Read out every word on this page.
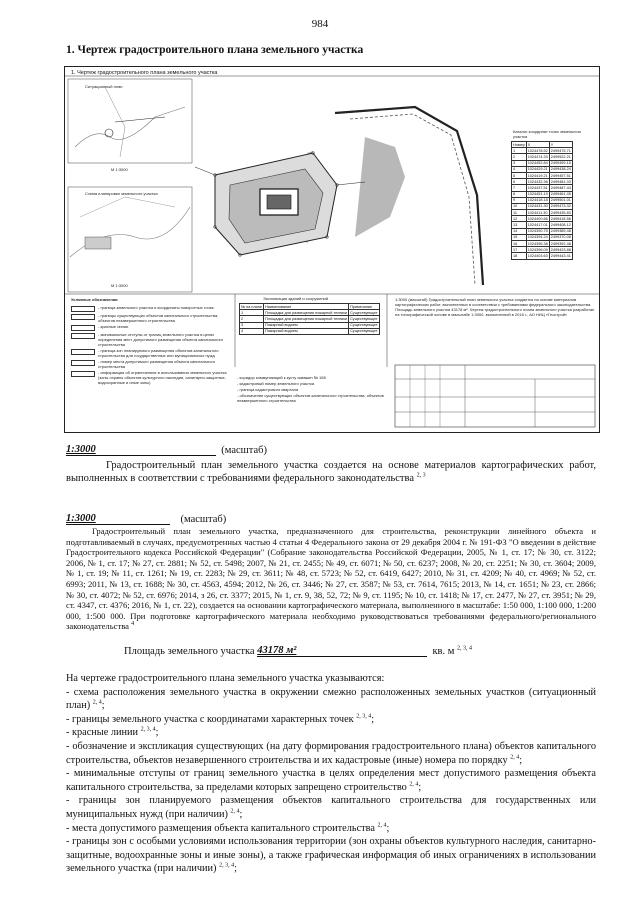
984
1. Чертеж градостроительного плана земельного участка
1. Чертеж градостроительного плана земельного участка
Ситуационный план
Схема планировки земельного участка
М 1:3000
М 1:3000
Каталог координат точек земельного участка
Номер	X	Y
1	1024478.52	2499475.71
2	1024474.33	2499522.21
3	1024452.84	2499499.15
4	1024429.21	2499438.24
5	1024419.21	2499457.51
6	1024432.36	2499481.03
7	1024437.51	2499487.44
8	1024451.19	2499461.45
9	1024418.18	2499501.01
10	1024431.30	2499473.32
11	1024411.30	2499435.83
12	1024400.66	2499418.56
13	1024417.01	2499408.12
14	1024390.75	2499389.48
15	1024394.24	2499370.08
16	1024396.38	2499392.48
17	1024396.09	2499423.88
18	1024403.63	2499443.41
Условные обозначения
- граница земельного участка и координаты поворотных точек
- границы существующих объектов капитального строительства, объектов незавершенного строительства
- красные линии
- минимальные отступы от границ земельного участка в целях определения мест допустимого размещения объекта капитального строительства
- граница зон планируемого размещения объектов капитального строительства для государственных или муниципальных нужд
- номер места допустимого размещения объекта капитального строительства
- информация об ограничениях в использовании земельного участка (зоны охраны объектов культурного наследия, санитарно-защитные, водоохранные и иные зоны)
- коридор коммуникаций к кусту скважин № 158
- кадастровый номер земельного участка
- граница кадастрового квартала
- обозначение существующих объектов капитального строительства, объектов незавершенного строительства
Экспликация зданий и сооружений
№ на плане	Наименование	Примечание
1	Площадка для размещения пожарной техники	Существующее
2	Площадка для размещения пожарной техники	Существующее
3	Пожарный водоем	Существующее
4	Пожарный водоем	Существующее
1:3000 (масштаб) Градостроительный план земельного участка создается на основе материалов картографических работ, выполненных в соответствии с требованиями федерального законодательства. Площадь земельного участка 43178 м². Чертеж градостроительного плана земельного участка разработан на топографической основе в масштабе 1:3000, выполненной в 2016 г., АО НИЦ «Геострой»
1:3000	(масштаб)
Градостроительный план земельного участка создается на основе материалов картографических работ, выполненных в соответствии с требованиями федерального законодательства $^{2, 3}$
1:3000	(масштаб)
Градостроительный план земельного участка, предназначенного для строительства, реконструкции линейного объекта и подготавливаемый в случаях, предусмотренных частью 4 статьи 4 Федерального закона от 29 декабря 2004 г. № 191-ФЗ "О введении в действие Градостроительного кодекса Российской Федерации" (Собрание законодательства Российской Федерации, 2005, № 1, ст. 17; № 30, ст. 3122; 2006, № 1, ст. 17; № 27, ст. 2881; № 52, ст. 5498; 2007, № 21, ст. 2455; № 49, ст. 6071; № 50, ст. 6237; 2008, № 20, ст. 2251; № 30, ст. 3604; 2009, № 1, ст. 19; № 11, ст. 1261; № 19, ст. 2283; № 29, ст. 3611; № 48, ст. 5723; № 52, ст. 6419, 6427; 2010, № 31, ст. 4209; № 40, ст. 4969; № 52, ст. 6993; 2011, № 13, ст. 1688; № 30, ст. 4563, 4594; 2012, № 26, ст. 3446; № 27, ст. 3587; № 53, ст. 7614, 7615; 2013, № 14, ст. 1651; № 23, ст. 2866; № 30, ст. 4072; № 52, ст. 6976; 2014, з 26, ст. 3377; 2015, № 1, ст. 9, 38, 52, 72; № 9, ст. 1195; № 10, ст. 1418; № 17, ст. 2477, № 27, ст. 3951; № 29, ст. 4347, ст. 4376; 2016, № 1, ст. 22), создается на основании картографического материала, выполненного в масштабе: 1:50 000, 1:100 000, 1:200 000, 1:500 000. При подготовке картографического материала необходимо руководствоваться требованиями федерального/регионального законодательства $^4$
Площадь земельного участка 43178 м²	кв. м $^{2, 3, 4}$

На чертеже градостроительного плана земельного участка указываются:

- схема расположения земельного участка в окружении смежно расположенных земельных участков (ситуационный план) $^{2, 4}$;

- границы земельного участка с координатами характерных точек $^{2, 3, 4}$;

- красные линии $^{2, 3, 4}$;

- обозначение и экспликация существующих (на дату формирования градостроительного плана) объектов капитального строительства, объектов незавершенного строительства и их кадастровые (иные) номера по порядку $^{2, 4}$;

- минимальные отступы от границ земельного участка в целях определения мест допустимого размещения объекта капитального строительства, за пределами которых запрещено строительство $^{2, 4}$;

- границы зон планируемого размещения объектов капитального строительства для государственных или муниципальных нужд (при наличии) $^{2, 4}$;

- места допустимого размещения объекта капитального строительства $^{2, 4}$;

- границы зон с особыми условиями использования территории (зон охраны объектов культурного наследия, санитарно-защитные, водоохранные зоны и иные зоны), а также графическая информация об иных ограничениях в использовании земельного участка (при наличии) $^{2, 3, 4}$;
